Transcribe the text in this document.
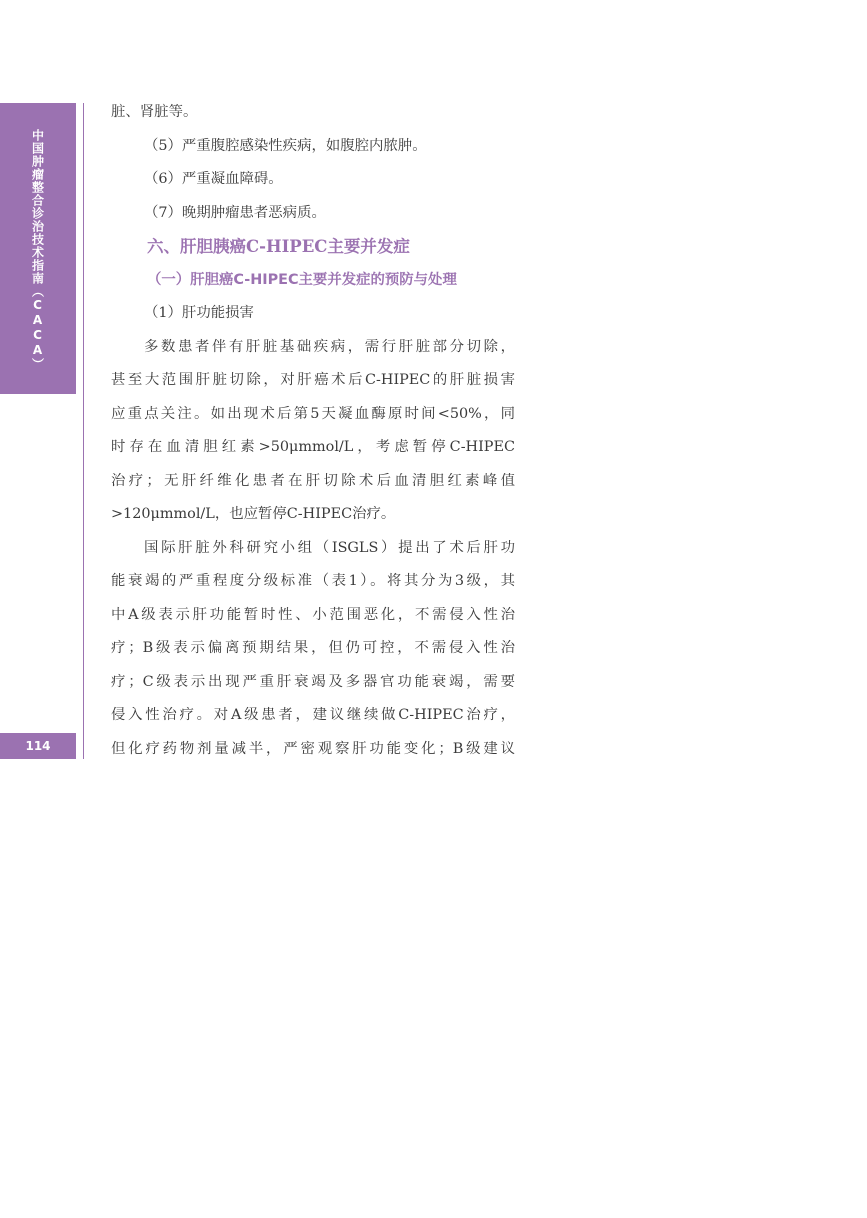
中国肿瘤整合诊治技术指南（CACA）
114
脏、肾脏等。
（5）严重腹腔感染性疾病，如腹腔内脓肿。
（6）严重凝血障碍。
（7）晚期肿瘤患者恶病质。
六、肝胆胰癌C-HIPEC主要并发症
（一）肝胆癌C-HIPEC主要并发症的预防与处理
（1）肝功能损害
多数患者伴有肝脏基础疾病，需行肝脏部分切除，
甚至大范围肝脏切除，对肝癌术后C-HIPEC的肝脏损害
应重点关注。如出现术后第5天凝血酶原时间<50%，同
时存在血清胆红素>50μmmol/L，考虑暂停C-HIPEC
治疗；无肝纤维化患者在肝切除术后血清胆红素峰值
>120μmmol/L，也应暂停C-HIPEC治疗。
国际肝脏外科研究小组（ISGLS）提出了术后肝功
能衰竭的严重程度分级标准（表1）。将其分为3级，其
中A级表示肝功能暂时性、小范围恶化，不需侵入性治
疗；B级表示偏离预期结果，但仍可控，不需侵入性治
疗；C级表示出现严重肝衰竭及多器官功能衰竭，需要
侵入性治疗。对A级患者，建议继续做C-HIPEC治疗，
但化疗药物剂量减半，严密观察肝功能变化；B级建议
